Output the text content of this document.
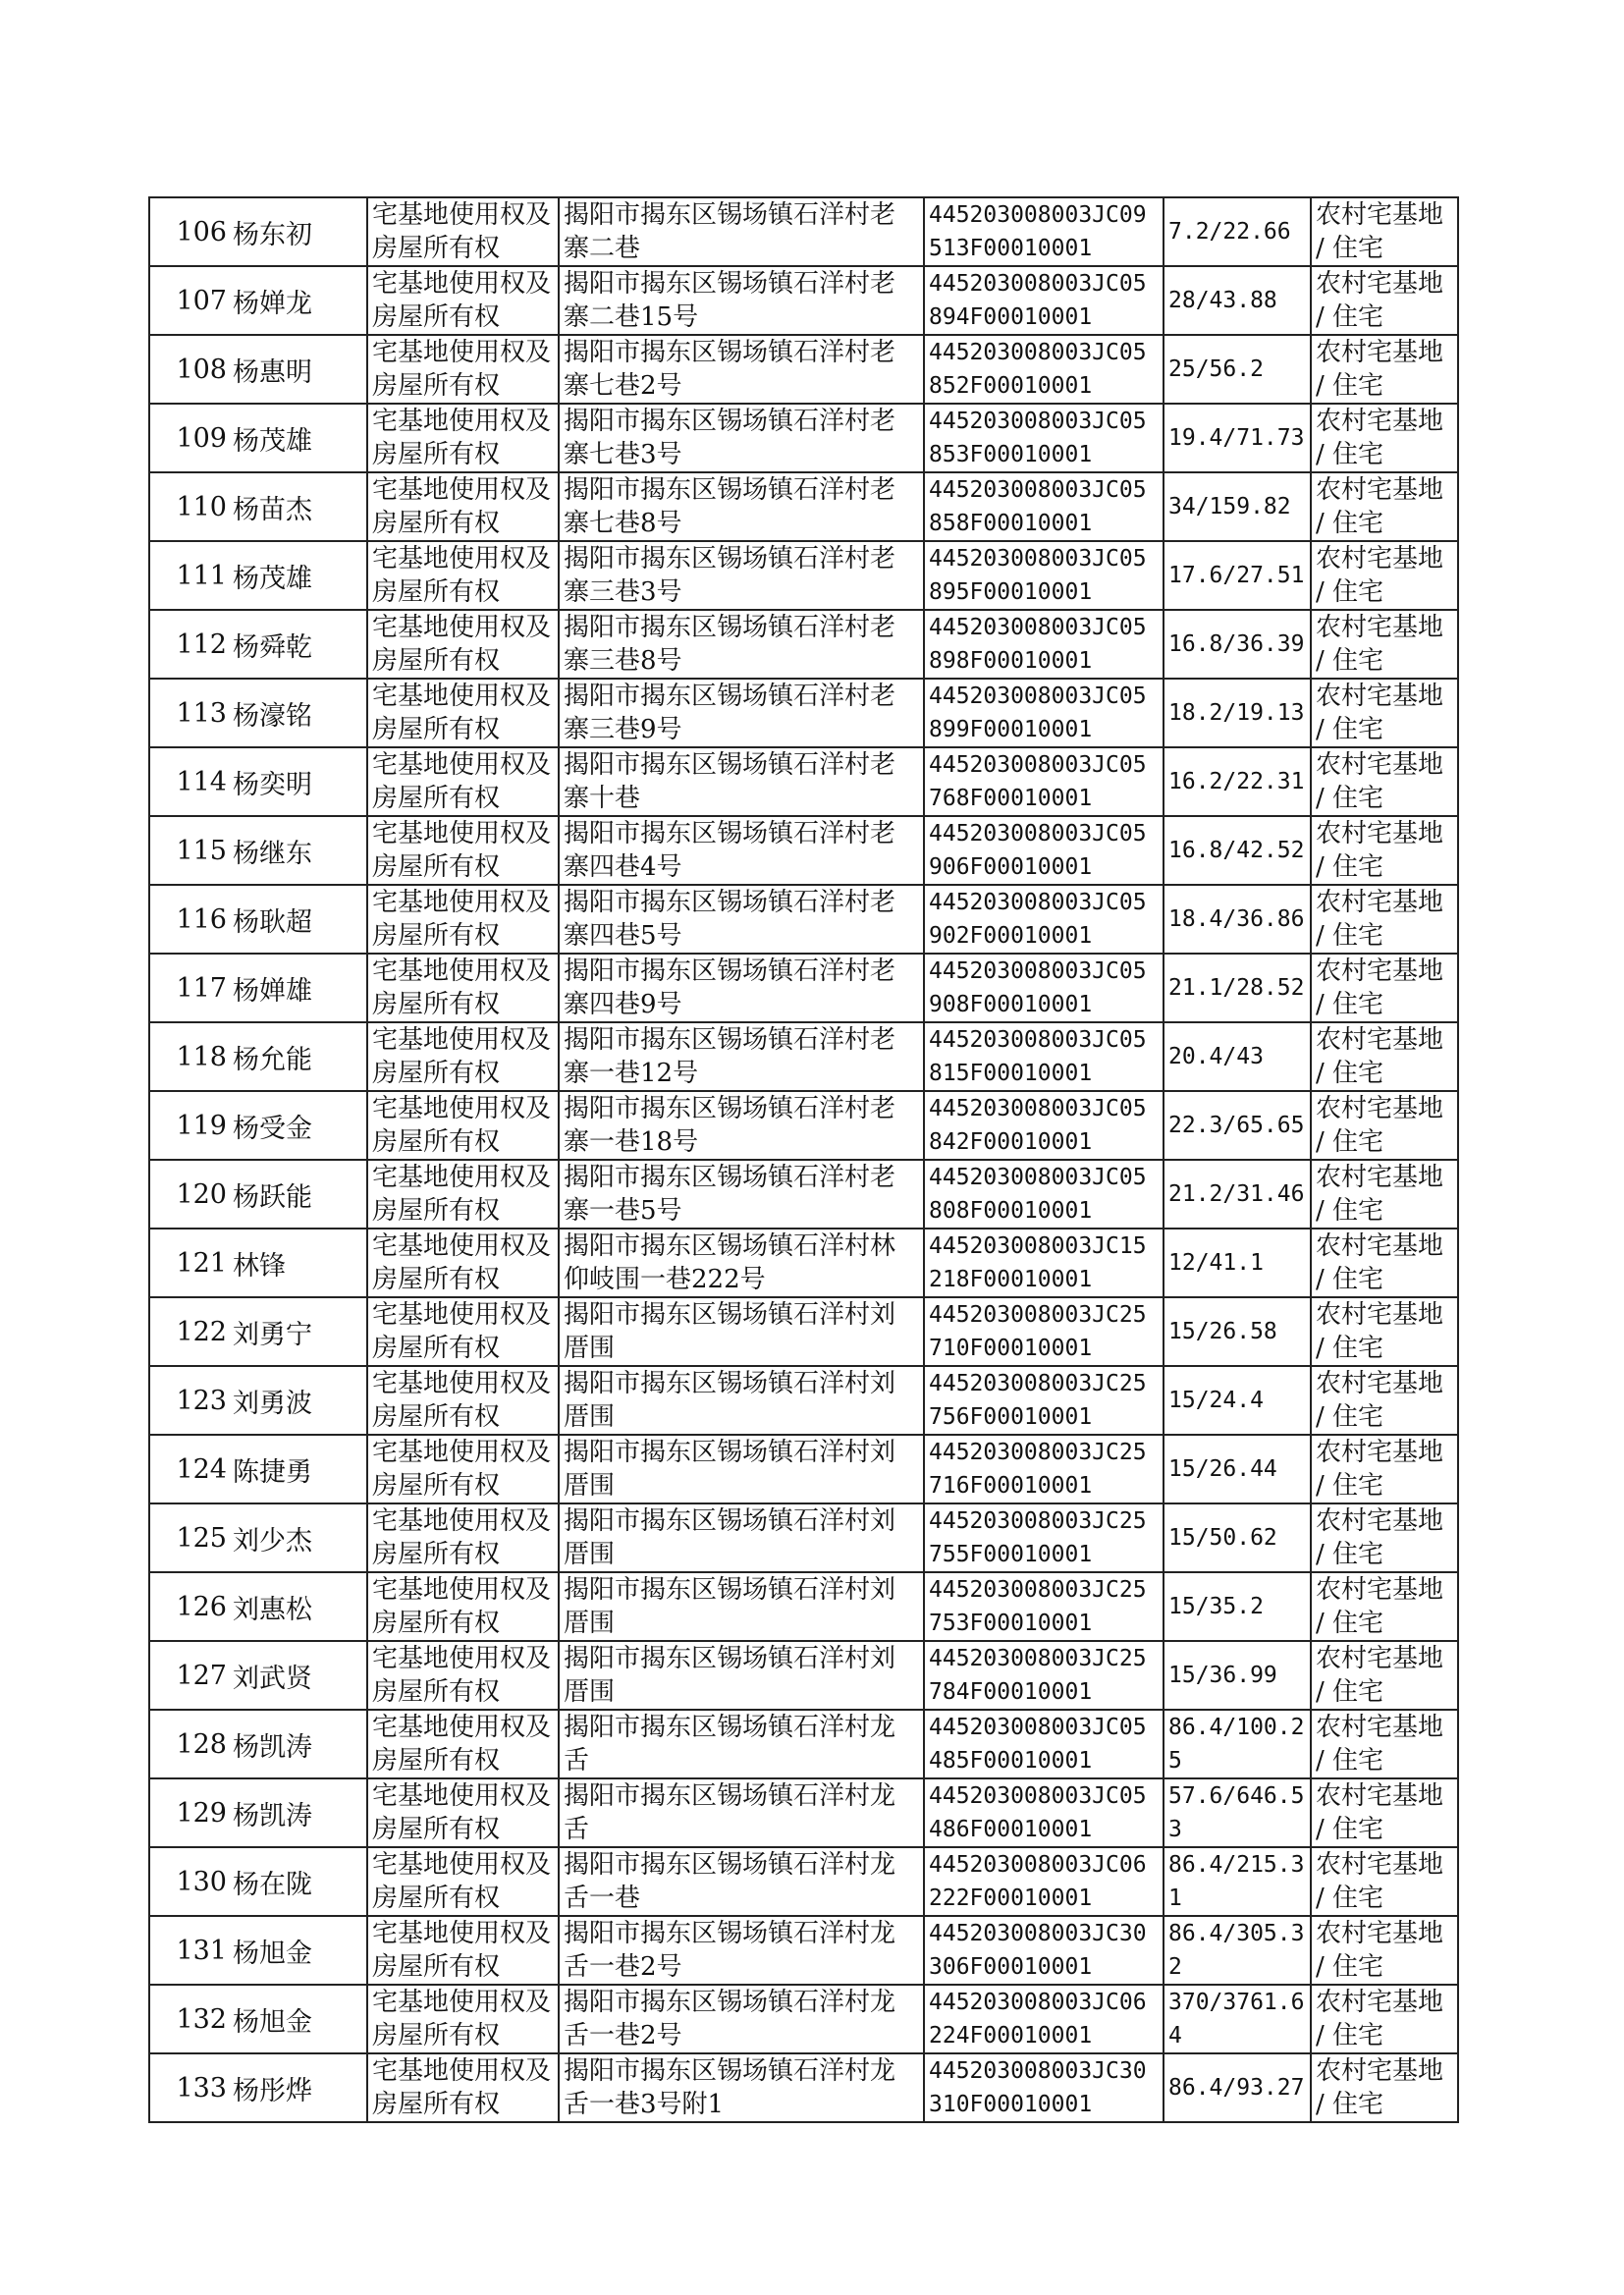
106	杨东初	宅基地使用权及房屋所有权	揭阳市揭东区锡场镇石洋村老寨二巷	445203008003JC09513F00010001	7.2/22.66	农村宅基地 / 住宅
107	杨婵龙	宅基地使用权及房屋所有权	揭阳市揭东区锡场镇石洋村老寨二巷15号	445203008003JC05894F00010001	28/43.88	农村宅基地 / 住宅
108	杨惠明	宅基地使用权及房屋所有权	揭阳市揭东区锡场镇石洋村老寨七巷2号	445203008003JC05852F00010001	25/56.2	农村宅基地 / 住宅
109	杨茂雄	宅基地使用权及房屋所有权	揭阳市揭东区锡场镇石洋村老寨七巷3号	445203008003JC05853F00010001	19.4/71.73	农村宅基地 / 住宅
110	杨苗杰	宅基地使用权及房屋所有权	揭阳市揭东区锡场镇石洋村老寨七巷8号	445203008003JC05858F00010001	34/159.82	农村宅基地 / 住宅
111	杨茂雄	宅基地使用权及房屋所有权	揭阳市揭东区锡场镇石洋村老寨三巷3号	445203008003JC05895F00010001	17.6/27.51	农村宅基地 / 住宅
112	杨舜乾	宅基地使用权及房屋所有权	揭阳市揭东区锡场镇石洋村老寨三巷8号	445203008003JC05898F00010001	16.8/36.39	农村宅基地 / 住宅
113	杨濠铭	宅基地使用权及房屋所有权	揭阳市揭东区锡场镇石洋村老寨三巷9号	445203008003JC05899F00010001	18.2/19.13	农村宅基地 / 住宅
114	杨奕明	宅基地使用权及房屋所有权	揭阳市揭东区锡场镇石洋村老寨十巷	445203008003JC05768F00010001	16.2/22.31	农村宅基地 / 住宅
115	杨继东	宅基地使用权及房屋所有权	揭阳市揭东区锡场镇石洋村老寨四巷4号	445203008003JC05906F00010001	16.8/42.52	农村宅基地 / 住宅
116	杨耿超	宅基地使用权及房屋所有权	揭阳市揭东区锡场镇石洋村老寨四巷5号	445203008003JC05902F00010001	18.4/36.86	农村宅基地 / 住宅
117	杨婵雄	宅基地使用权及房屋所有权	揭阳市揭东区锡场镇石洋村老寨四巷9号	445203008003JC05908F00010001	21.1/28.52	农村宅基地 / 住宅
118	杨允能	宅基地使用权及房屋所有权	揭阳市揭东区锡场镇石洋村老寨一巷12号	445203008003JC05815F00010001	20.4/43	农村宅基地 / 住宅
119	杨受金	宅基地使用权及房屋所有权	揭阳市揭东区锡场镇石洋村老寨一巷18号	445203008003JC05842F00010001	22.3/65.65	农村宅基地 / 住宅
120	杨跃能	宅基地使用权及房屋所有权	揭阳市揭东区锡场镇石洋村老寨一巷5号	445203008003JC05808F00010001	21.2/31.46	农村宅基地 / 住宅
121	林锋	宅基地使用权及房屋所有权	揭阳市揭东区锡场镇石洋村林仰岐围一巷222号	445203008003JC15218F00010001	12/41.1	农村宅基地 / 住宅
122	刘勇宁	宅基地使用权及房屋所有权	揭阳市揭东区锡场镇石洋村刘厝围	445203008003JC25710F00010001	15/26.58	农村宅基地 / 住宅
123	刘勇波	宅基地使用权及房屋所有权	揭阳市揭东区锡场镇石洋村刘厝围	445203008003JC25756F00010001	15/24.4	农村宅基地 / 住宅
124	陈捷勇	宅基地使用权及房屋所有权	揭阳市揭东区锡场镇石洋村刘厝围	445203008003JC25716F00010001	15/26.44	农村宅基地 / 住宅
125	刘少杰	宅基地使用权及房屋所有权	揭阳市揭东区锡场镇石洋村刘厝围	445203008003JC25755F00010001	15/50.62	农村宅基地 / 住宅
126	刘惠松	宅基地使用权及房屋所有权	揭阳市揭东区锡场镇石洋村刘厝围	445203008003JC25753F00010001	15/35.2	农村宅基地 / 住宅
127	刘武贤	宅基地使用权及房屋所有权	揭阳市揭东区锡场镇石洋村刘厝围	445203008003JC25784F00010001	15/36.99	农村宅基地 / 住宅
128	杨凯涛	宅基地使用权及房屋所有权	揭阳市揭东区锡场镇石洋村龙舌	445203008003JC05485F00010001	86.4/100.25	农村宅基地 / 住宅
129	杨凯涛	宅基地使用权及房屋所有权	揭阳市揭东区锡场镇石洋村龙舌	445203008003JC05486F00010001	57.6/646.53	农村宅基地 / 住宅
130	杨在陇	宅基地使用权及房屋所有权	揭阳市揭东区锡场镇石洋村龙舌一巷	445203008003JC06222F00010001	86.4/215.31	农村宅基地 / 住宅
131	杨旭金	宅基地使用权及房屋所有权	揭阳市揭东区锡场镇石洋村龙舌一巷2号	445203008003JC30306F00010001	86.4/305.32	农村宅基地 / 住宅
132	杨旭金	宅基地使用权及房屋所有权	揭阳市揭东区锡场镇石洋村龙舌一巷2号	445203008003JC06224F00010001	370/3761.64	农村宅基地 / 住宅
133	杨彤烨	宅基地使用权及房屋所有权	揭阳市揭东区锡场镇石洋村龙舌一巷3号附1	445203008003JC30310F00010001	86.4/93.27	农村宅基地 / 住宅
